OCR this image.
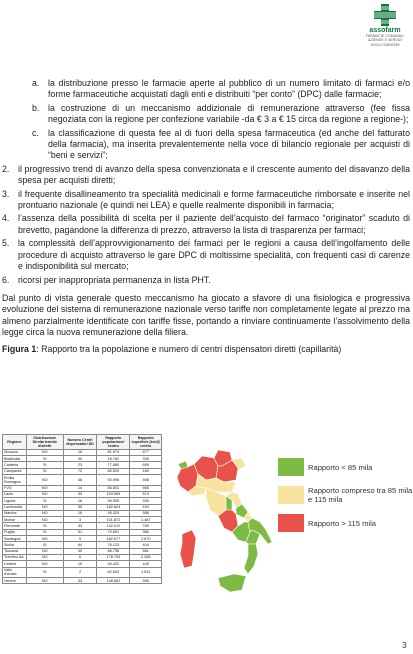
assofarm
FARMACIE COMUNALI AZIENDE E SERVIZI SOCIO-SANITARI
a. la distribuzione presso le farmacie aperte al pubblico di un numero limitato di farmaci e/o forme farmaceutiche acquistati dagli enti e distribuiti “per conto” (DPC) dalle farmacie;
b. la costruzione di un meccanismo addizionale di remunerazione attraverso (fee fissa negoziata con la regione per confezione variabile -da € 3 a € 15 circa da regione a regione-);
c. la classificazione di questa fee al di fuori della spesa farmaceutica (ed anche del fatturato della farmacia), ma inserita prevalentemente nella voce di bilancio regionale per acquisti di “beni e servizi”;
2. il progressivo trend di avanzo della spesa convenzionata e il crescente aumento del disavanzo della spesa per acquisti diretti;
3. il frequente disallineamento tra specialità medicinali e forme farmaceutiche rimborsate e inserite nel prontuario nazionale (e quindi nei LEA) e quelle realmente disponibili in farmacia;
4. l’assenza della possibilità di scelta per il paziente dell’acquisto del farmaco “originator” scaduto di brevetto, pagandone la differenza di prezzo, attraverso la lista di trasparenza per farmaci;
5. la complessità dell’approvvigionamento dei farmaci per le regioni a causa dell’ingolfamento delle procedure di acquisto attraverso le gare DPC di moltissime specialità, con frequenti casi di carenze e indisponibilità sul mercato;
6. ricorsi per inappropriata permanenza in lista PHT.

Dal punto di vista generale questo meccanismo ha giocato a sfavore di una fisiologica e progressiva evoluzione del sistema di remunerazione nazionale verso tariffe non completamente legate al prezzo ma almeno parzialmente identificate con tariffe fisse, portando a rinviare continuamente l’assolvimento della legge circa la nuova remunerazione della filiera.

Figura 1: Rapporto tra la popolazione e numero di centri dispensatori diretti (capillarità)
Regione	Distribuzione Diretta tramite distretti	Numero Centri dispensatori DD	Rapporto popolazione/ centro	Rapporto superficie (km2)/ centro
Abruzzo	NO	16	81.974	677
Basilicata	SI	30	18.762	335
Calabria	SI	23	77.885	659
Campania	SI	72	80.529	189
Emilia Romagna	NO	48	92.996	468
FVG	NO	14	86.831	565
Lazio	NO	30	193.969	574
Liguria	SI	16	96.955	339
Lombardia	NO	55	182.824	434
Marche	NO	16	95.329	588
Molise	NO	3	101.872	1.487
Piemonte	SI	33	132.012	769
Puglia	SI	51	79.691	380
Sardegna	NO	9	182.577	2.670
Sicilia	SI	64	78.123	404
Toscana	NO	40	86.736	581
Trentino AA	NO	6	178.753	2.268
Umbria	NO	19	46.422	445
Valle d'Aosta	SI	2	62.843	1.631
Veneto	NO	33	148.562	556
Rapporto < 85 mila
Rapporto compreso tra 85 mila e 115 mila
Rapporto > 115 mila
3
